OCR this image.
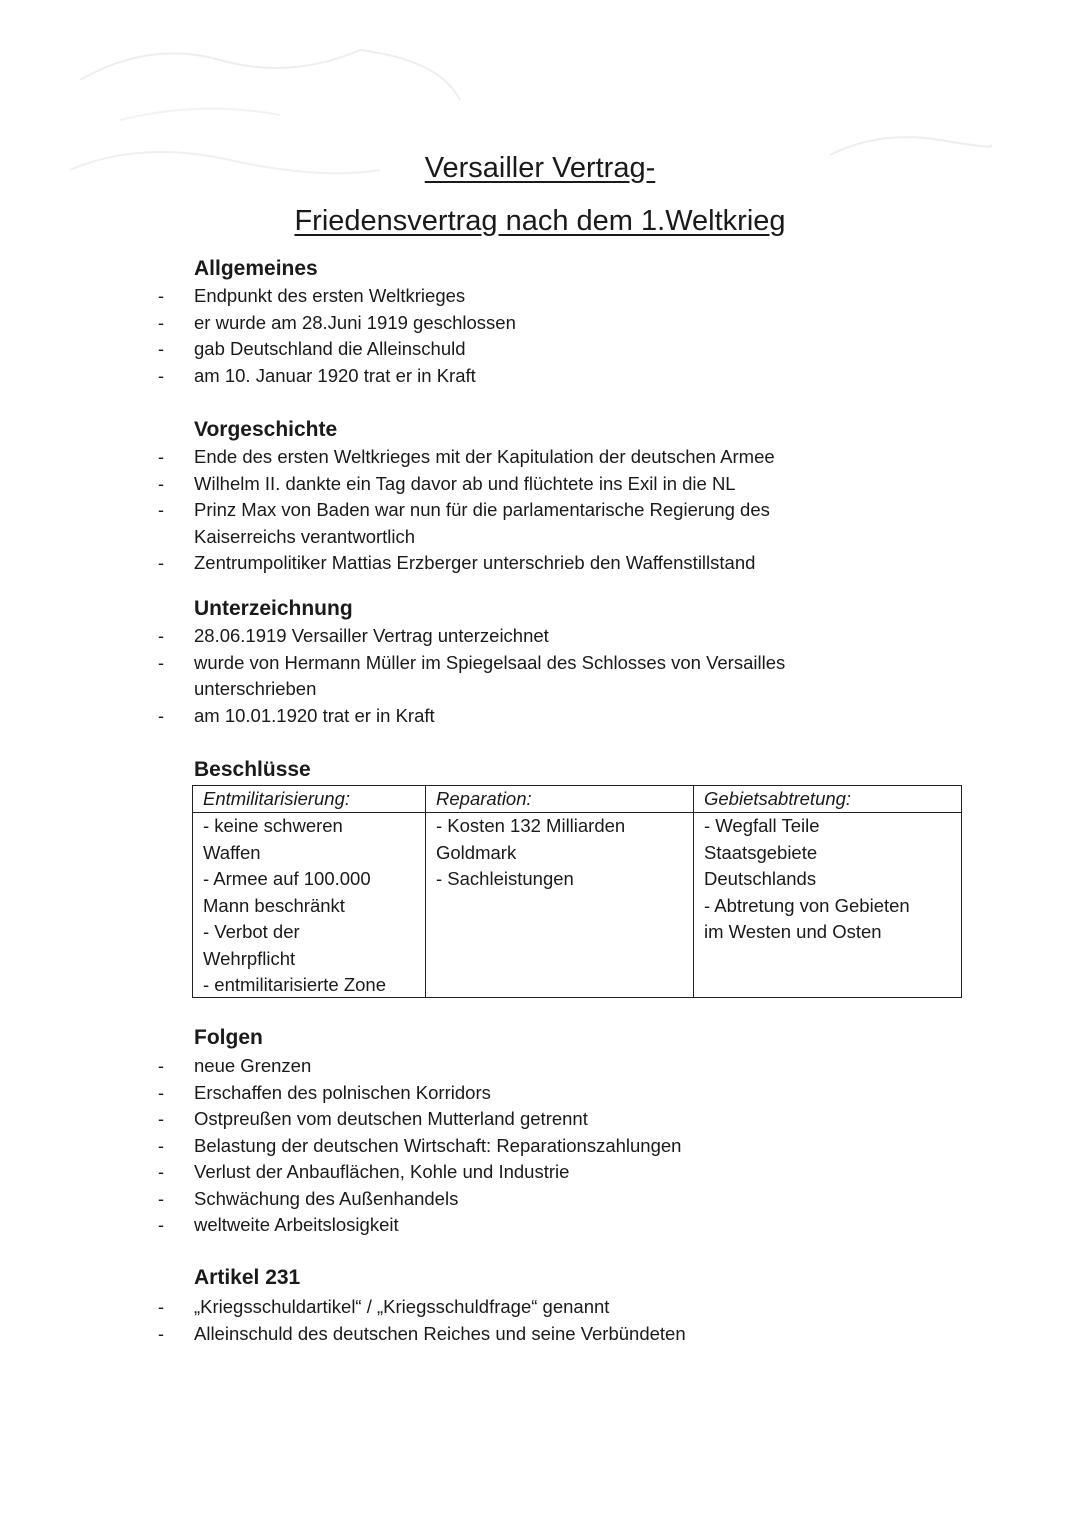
Versailler Vertrag-
Friedensvertrag nach dem 1.Weltkrieg
Allgemeines
- Endpunkt des ersten Weltkrieges
- er wurde am 28.Juni 1919 geschlossen
- gab Deutschland die Alleinschuld
- am 10. Januar 1920 trat er in Kraft
Vorgeschichte
- Ende des ersten Weltkrieges mit der Kapitulation der deutschen Armee
- Wilhelm II. dankte ein Tag davor ab und flüchtete ins Exil in die NL
- Prinz Max von Baden war nun für die parlamentarische Regierung des Kaiserreichs verantwortlich
- Zentrumpolitiker Mattias Erzberger unterschrieb den Waffenstillstand
Unterzeichnung
- 28.06.1919 Versailler Vertrag unterzeichnet
- wurde von Hermann Müller im Spiegelsaal des Schlosses von Versailles unterschrieben
- am 10.01.1920 trat er in Kraft
Beschlüsse
Entmilitarisierung:
- keine schweren
Waffen
- Armee auf 100.000
Mann beschränkt
- Verbot der
Wehrpflicht
- entmilitarisierte Zone
Reparation:
- Kosten 132 Milliarden
Goldmark
- Sachleistungen
Gebietsabtretung:
- Wegfall Teile
Staatsgebiete
Deutschlands
- Abtretung von Gebieten
im Westen und Osten
Folgen
- neue Grenzen
- Erschaffen des polnischen Korridors
- Ostpreußen vom deutschen Mutterland getrennt
- Belastung der deutschen Wirtschaft: Reparationszahlungen
- Verlust der Anbauflächen, Kohle und Industrie
- Schwächung des Außenhandels
- weltweite Arbeitslosigkeit
Artikel 231
- „Kriegsschuldartikel“ / „Kriegsschuldfrage“ genannt
- Alleinschuld des deutschen Reiches und seine Verbündeten
